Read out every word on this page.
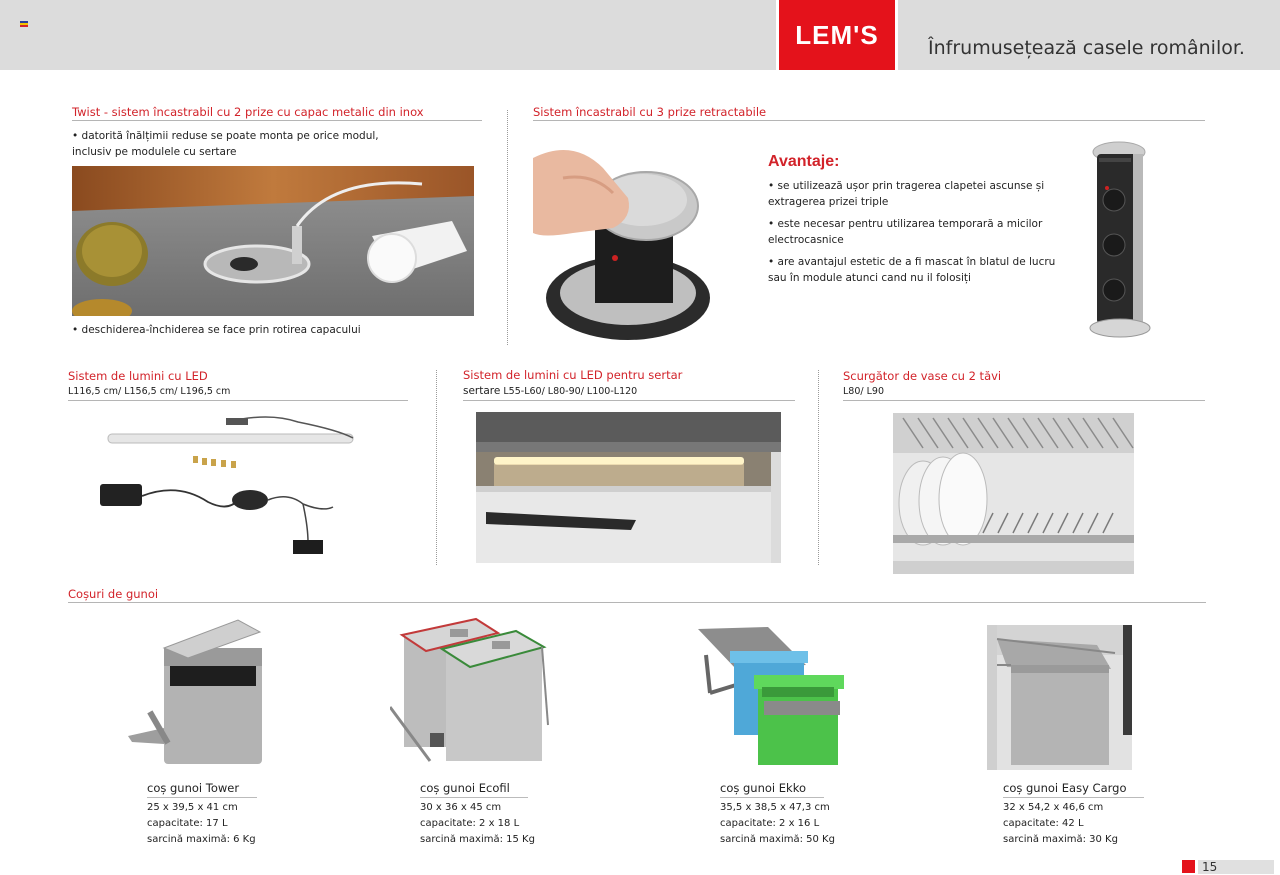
LEM'S	Înfrumusețează casele românilor.
Twist - sistem încastrabil cu 2 prize cu capac metalic din inox
• datorită înălțimii reduse se poate monta pe orice modul, inclusiv pe modulele cu sertare
• deschiderea-închiderea se face prin rotirea capacului
Sistem încastrabil cu 3 prize retractabile
Avantaje:
• se utilizează ușor prin tragerea clapetei ascunse și extragerea prizei triple
• este necesar pentru utilizarea temporară a micilor electrocasnice
• are avantajul estetic de a fi mascat în blatul de lucru sau în module atunci cand nu il folosiți
Sistem de lumini cu LED
L116,5 cm/ L156,5 cm/ L196,5 cm
Sistem de lumini cu LED pentru sertar
sertare L55-L60/ L80-90/ L100-L120
Scurgător de vase cu 2 tăvi
L80/ L90
Coșuri de gunoi
coș gunoi Tower
25 x 39,5 x 41 cm
capacitate: 17 L
sarcină maximă: 6 Kg
coș gunoi Ecofil
30 x 36 x 45 cm
capacitate: 2 x 18 L
sarcină maximă: 15 Kg
coș gunoi Ekko
35,5 x 38,5 x 47,3 cm
capacitate: 2 x 16 L
sarcină maximă: 50 Kg
coș gunoi Easy Cargo
32 x 54,2 x 46,6 cm
capacitate: 42 L
sarcină maximă: 30 Kg
15
